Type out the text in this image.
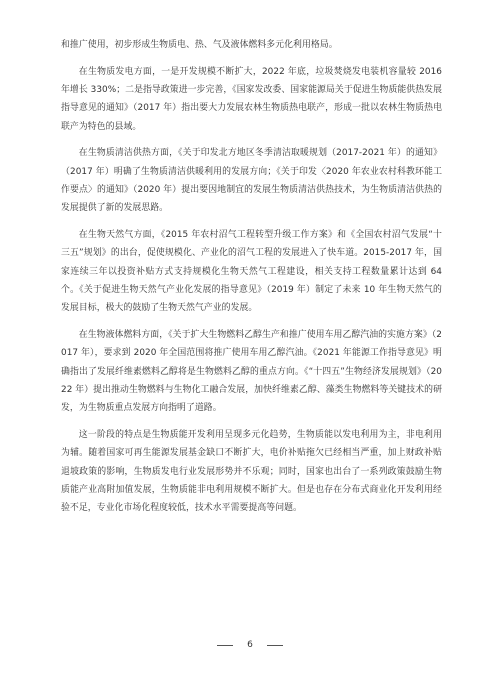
和推广使用，初步形成生物质电、热、气及液体燃料多元化利用格局。

在生物质发电方面，一是开发规模不断扩大，2022 年底，垃圾焚烧发电装机容量较 2016 年增长 330%；二是指导政策进一步完善，《国家发改委、国家能源局关于促进生物质能供热发展指导意见的通知》（2017 年）指出要大力发展农林生物质热电联产，形成一批以农林生物质热电联产为特色的县域。

在生物质清洁供热方面，《关于印发北方地区冬季清洁取暖规划（2017-2021 年）的通知》（2017 年）明确了生物质清洁供暖利用的发展方向；《关于印发〈2020 年农业农村科教环能工作要点〉的通知》（2020 年）提出要因地制宜的发展生物质清洁供热技术，为生物质清洁供热的发展提供了新的发展思路。

在生物天然气方面，《2015 年农村沼气工程转型升级工作方案》和《全国农村沼气发展“十三五”规划》的出台，促使规模化、产业化的沼气工程的发展进入了快车道。2015-2017 年，国家连续三年以投资补贴方式支持规模化生物天然气工程建设，相关支持工程数量累计达到 64 个。《关于促进生物天然气产业化发展的指导意见》（2019 年）制定了未来 10 年生物天然气的发展目标，极大的鼓励了生物天然气产业的发展。

在生物液体燃料方面，《关于扩大生物燃料乙醇生产和推广使用车用乙醇汽油的实施方案》（2017 年），要求到 2020 年全国范围将推广使用车用乙醇汽油。《2021 年能源工作指导意见》明确指出了发展纤维素燃料乙醇将是生物燃料乙醇的重点方向。《“十四五”生物经济发展规划》（2022 年）提出推动生物燃料与生物化工融合发展，加快纤维素乙醇、藻类生物燃料等关键技术的研发，为生物质重点发展方向指明了道路。

这一阶段的特点是生物质能开发利用呈现多元化趋势，生物质能以发电利用为主，非电利用为辅。随着国家可再生能源发展基金缺口不断扩大，电价补贴拖欠已经相当严重，加上财政补贴退坡政策的影响，生物质发电行业发展形势并不乐观；同时，国家也出台了一系列政策鼓励生物质能产业高附加值发展，生物质能非电利用规模不断扩大。但是也存在分布式商业化开发利用经验不足，专业化市场化程度较低，技术水平需要提高等问题。

6
